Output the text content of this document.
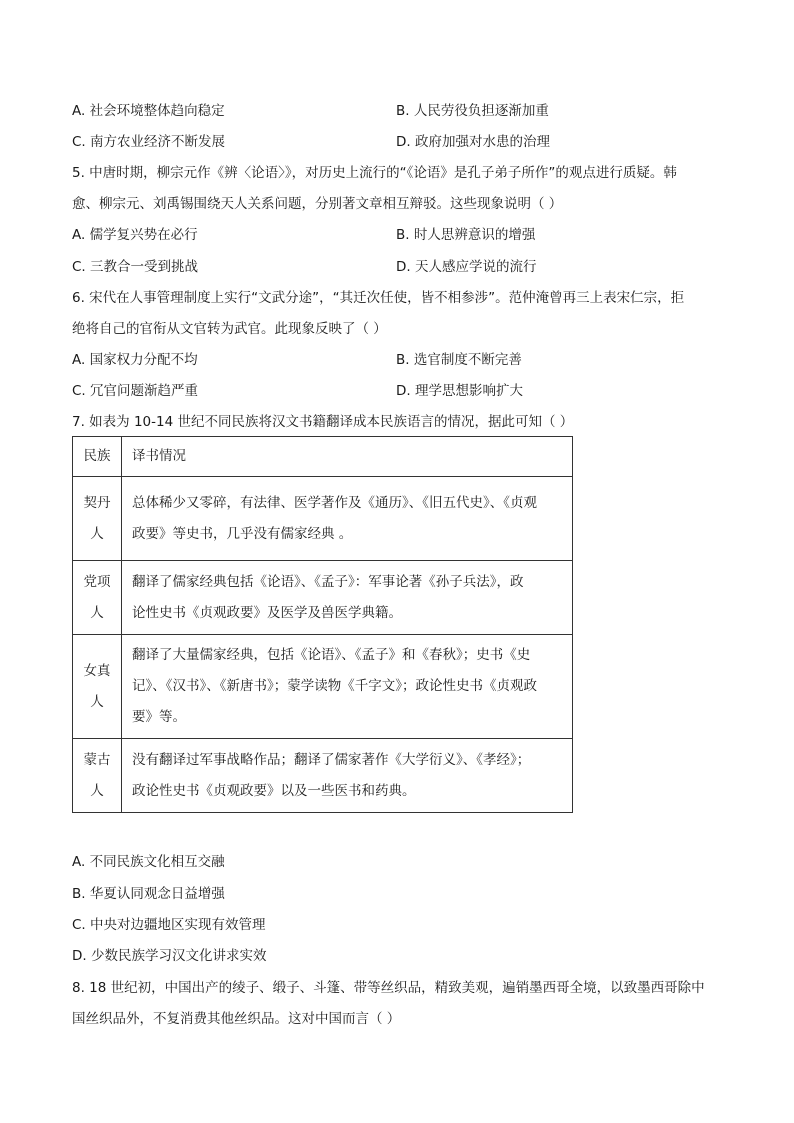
A. 社会环境整体趋向稳定	B. 人民劳役负担逐渐加重
C. 南方农业经济不断发展	D. 政府加强对水患的治理
5. 中唐时期，柳宗元作《辨〈论语〉》，对历史上流行的“《论语》是孔子弟子所作”的观点进行质疑。韩
愈、柳宗元、刘禹锡围绕天人关系问题，分别著文章相互辩驳。这些现象说明（ ）
A. 儒学复兴势在必行	B. 时人思辨意识的增强
C. 三教合一受到挑战	D. 天人感应学说的流行
6. 宋代在人事管理制度上实行“文武分途”，“其迁次任使，皆不相参涉”。范仲淹曾再三上表宋仁宗，拒
绝将自己的官衔从文官转为武官。此现象反映了（ ）
A. 国家权力分配不均	B. 选官制度不断完善
C. 冗官问题渐趋严重	D. 理学思想影响扩大
7. 如表为 10-14 世纪不同民族将汉文书籍翻译成本民族语言的情况，据此可知（ ）
民族	译书情况
契丹人	总体稀少又零碎，有法律、医学著作及《通历》、《旧五代史》、《贞观
政要》等史书，几乎没有儒家经典 。

党项人	翻译了儒家经典包括《论语》、《孟子》：军事论著《孙子兵法》，政
论性史书《贞观政要》及医学及兽医学典籍。

女真人	翻译了大量儒家经典，包括《论语》、《孟子》和《春秋》；史书《史
记》、《汉书》、《新唐书》；蒙学读物《千字文》；政论性史书《贞观政
要》等。

蒙古人	没有翻译过军事战略作品；翻译了儒家著作《大学衍义》、《孝经》；
政论性史书《贞观政要》以及一些医书和药典。
A. 不同民族文化相互交融
B. 华夏认同观念日益增强
C. 中央对边疆地区实现有效管理
D. 少数民族学习汉文化讲求实效
8. 18 世纪初，中国出产的绫子、缎子、斗篷、带等丝织品，精致美观，遍销墨西哥全境，以致墨西哥除中
国丝织品外，不复消费其他丝织品。这对中国而言（ ）
